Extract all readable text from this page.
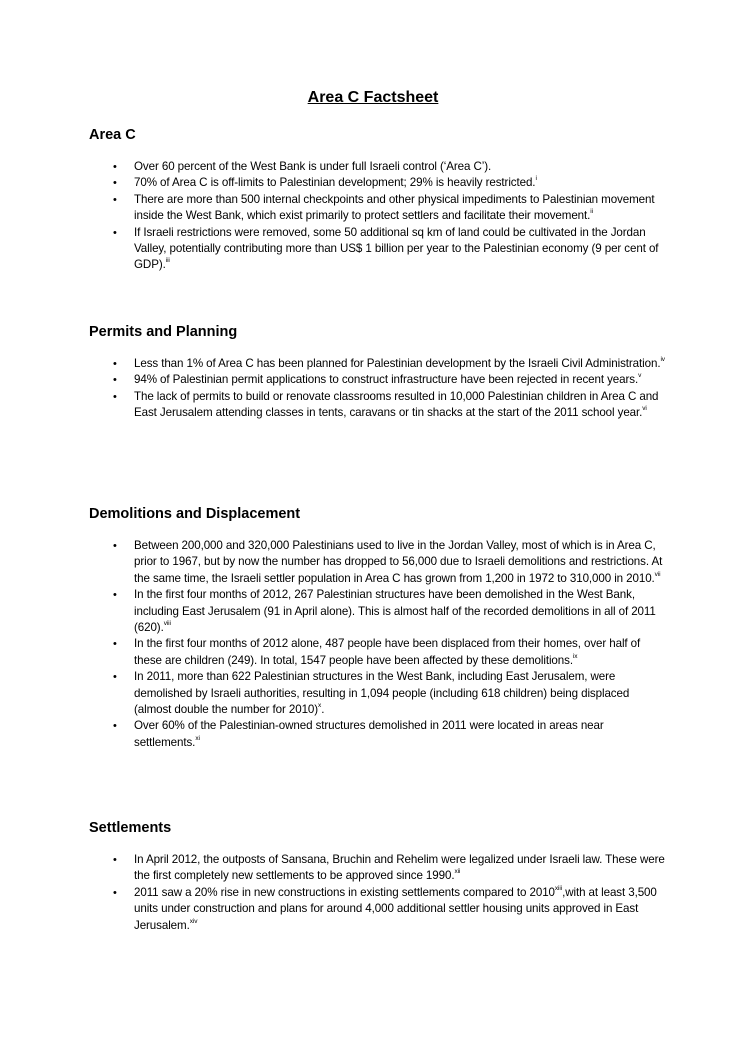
Area C Factsheet
Area C
• Over 60 percent of the West Bank is under full Israeli control (‘Area C’).
• 70% of Area C is off-limits to Palestinian development; 29% is heavily restricted.$^i$
• There are more than 500 internal checkpoints and other physical impediments to Palestinian movement inside the West Bank, which exist primarily to protect settlers and facilitate their movement.$^{ii}$
• If Israeli restrictions were removed, some 50 additional sq km of land could be cultivated in the Jordan Valley, potentially contributing more than US$ 1 billion per year to the Palestinian economy (9 per cent of GDP).$^{iii}$
Permits and Planning
• Less than 1% of Area C has been planned for Palestinian development by the Israeli Civil Administration.$^{iv}$
• 94% of Palestinian permit applications to construct infrastructure have been rejected in recent years.$^v$
• The lack of permits to build or renovate classrooms resulted in 10,000 Palestinian children in Area C and East Jerusalem attending classes in tents, caravans or tin shacks at the start of the 2011 school year.$^{vi}$
Demolitions and Displacement
• Between 200,000 and 320,000 Palestinians used to live in the Jordan Valley, most of which is in Area C, prior to 1967, but by now the number has dropped to 56,000 due to Israeli demolitions and restrictions. At the same time, the Israeli settler population in Area C has grown from 1,200 in 1972 to 310,000 in 2010.$^{vii}$
• In the first four months of 2012, 267 Palestinian structures have been demolished in the West Bank, including East Jerusalem (91 in April alone). This is almost half of the recorded demolitions in all of 2011 (620).$^{viii}$
• In the first four months of 2012 alone, 487 people have been displaced from their homes, over half of these are children (249). In total, 1547 people have been affected by these demolitions.$^{ix}$
• In 2011, more than 622 Palestinian structures in the West Bank, including East Jerusalem, were demolished by Israeli authorities, resulting in 1,094 people (including 618 children) being displaced (almost double the number for 2010)$^x$.
• Over 60% of the Palestinian-owned structures demolished in 2011 were located in areas near settlements.$^{xi}$
Settlements
• In April 2012, the outposts of Sansana, Bruchin and Rehelim were legalized under Israeli law. These were the first completely new settlements to be approved since 1990.$^{xii}$
• 2011 saw a 20% rise in new constructions in existing settlements compared to 2010$^{xiii}$,with at least 3,500 units under construction and plans for around 4,000 additional settler housing units approved in East Jerusalem.$^{xiv}$
